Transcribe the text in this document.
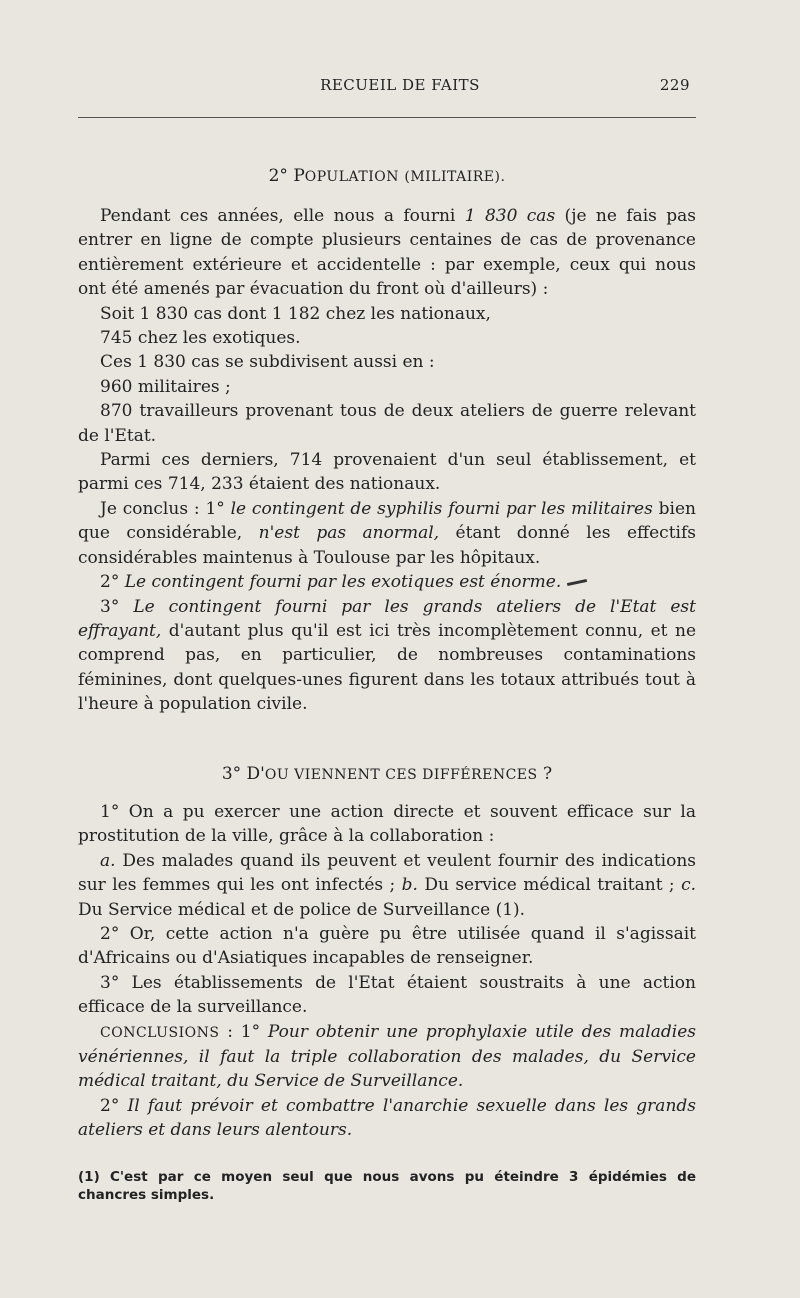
RECUEIL DE FAITS	229
2° POPULATION (MILITAIRE).

Pendant ces années, elle nous a fourni 1 830 cas (je ne fais pas entrer en ligne de compte plusieurs centaines de cas de provenance entièrement extérieure et accidentelle : par exemple, ceux qui nous ont été amenés par évacuation du front où d'ailleurs) :

Soit 1 830 cas dont 1 182 chez les nationaux,

745 chez les exotiques.

Ces 1 830 cas se subdivisent aussi en :

960 militaires ;

870 travailleurs provenant tous de deux ateliers de guerre relevant de l'Etat.

Parmi ces derniers, 714 provenaient d'un seul établissement, et parmi ces 714, 233 étaient des nationaux.

Je conclus : 1° le contingent de syphilis fourni par les militaires bien que considérable, n'est pas anormal, étant donné les effectifs considérables maintenus à Toulouse par les hôpitaux.

2° Le contingent fourni par les exotiques est énorme.

3° Le contingent fourni par les grands ateliers de l'Etat est effrayant, d'autant plus qu'il est ici très incomplètement connu, et ne comprend pas, en particulier, de nombreuses contaminations féminines, dont quelques-unes figurent dans les totaux attribués tout à l'heure à population civile.

3° D'OU VIENNENT CES DIFFÉRENCES ?

1° On a pu exercer une action directe et souvent efficace sur la prostitution de la ville, grâce à la collaboration :

a. Des malades quand ils peuvent et veulent fournir des indications sur les femmes qui les ont infectés ; b. Du service médical traitant ; c. Du Service médical et de police de Surveillance (1).

2° Or, cette action n'a guère pu être utilisée quand il s'agissait d'Africains ou d'Asiatiques incapables de renseigner.

3° Les établissements de l'Etat étaient soustraits à une action efficace de la surveillance.

CONCLUSIONS : 1° Pour obtenir une prophylaxie utile des maladies vénériennes, il faut la triple collaboration des malades, du Service médical traitant, du Service de Surveillance.

2° Il faut prévoir et combattre l'anarchie sexuelle dans les grands ateliers et dans leurs alentours.

(1) C'est par ce moyen seul que nous avons pu éteindre 3 épidémies de chancres simples.
